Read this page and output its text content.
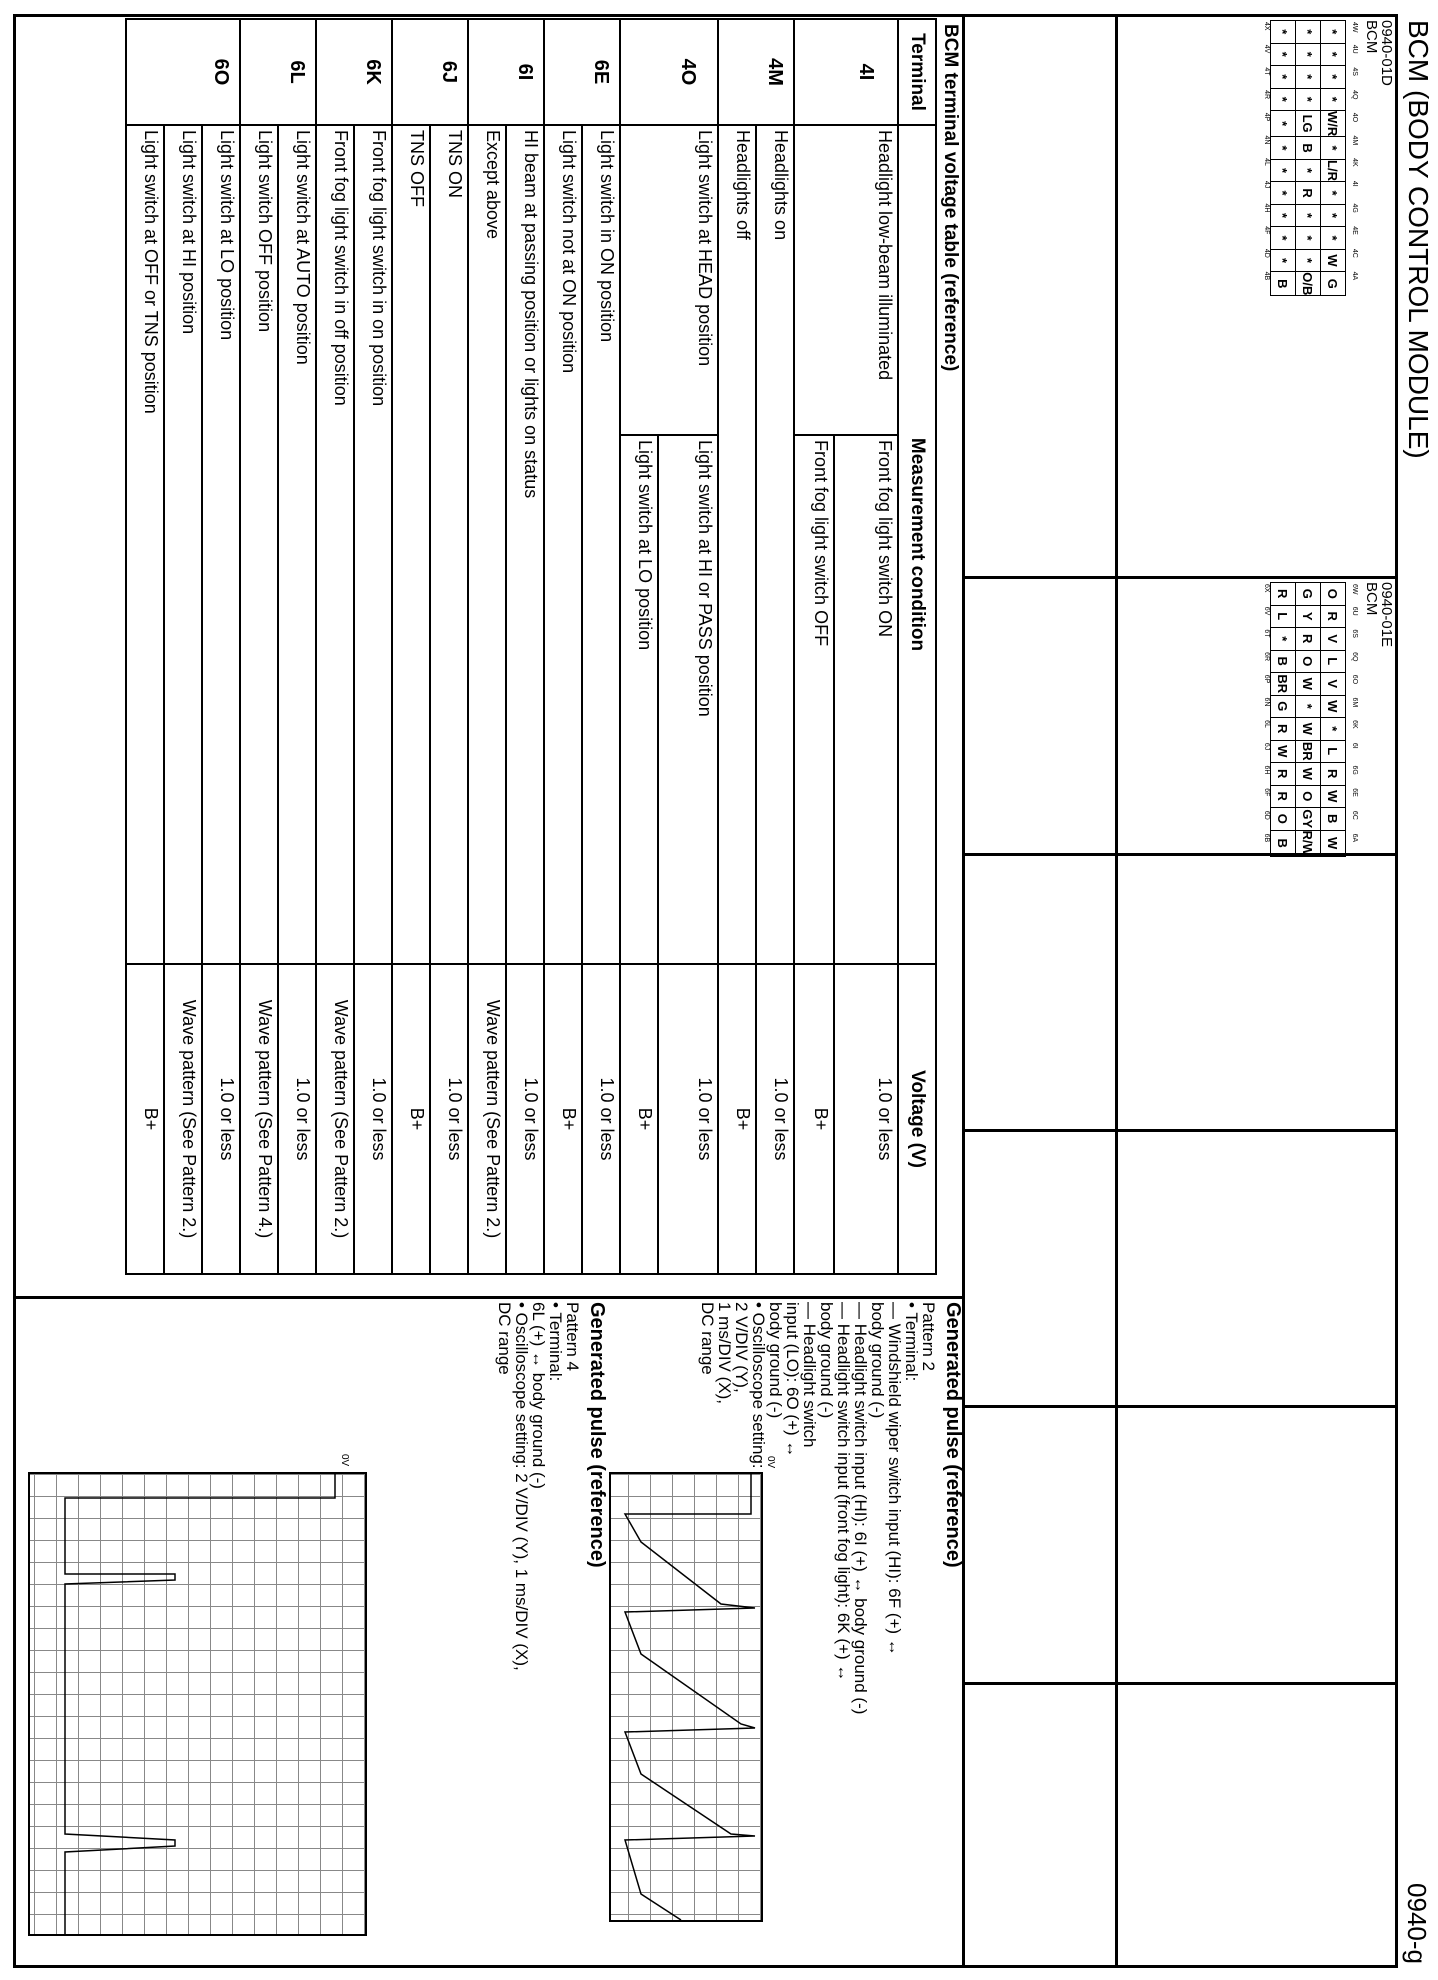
BCM (BODY CONTROL MODULE)
0940-g
0940-01D
BCM
4W
4U
4S
4Q
4O
4M
4K
4I
4G
4E
4C
4A
*	*	*	*	W/R	*	L/R	*	*	*	W	G
*	*	*	*	LG	B	*	R	*	*	*	O/B
*	*	*	*	*	*	*	*	*	*	*	B
4X
4V
4T
4R
4P
4N
4L
4J
4H
4F
4D
4B
0940-01E
BCM
6W
6U
6S
6Q
6O
6M
6K
6I
6G
6E
6C
6A
O	R	V	L	V	W	*	L	R	W	B	W
G	Y	R	O	W	*	W	BR	W	O	GY	R/W
R	L	*	B	BR	G	R	W	R	R	O	B
6X
6V
6T
6R
6P
6N
6L
6J
6H
6F
6D
6B
BCM terminal voltage table (reference)
Terminal	Measurement condition		Voltage (V)
4I	Headlight low-beam illuminated	Front fog light switch ON	1.0 or less
		Front fog light switch OFF	B+
4M	Headlights on		1.0 or less
	Headlights off		B+
4O	Light switch at HEAD position	Light switch at HI or PASS position	1.0 or less
		Light switch at LO position	B+
6E	Light switch in ON position		1.0 or less
	Light switch not at ON position		B+
6I	HI beam at passing position or lights on status		1.0 or less
	Except above		Wave pattern (See Pattern 2.)
6J	TNS ON		1.0 or less
	TNS OFF		B+
6K	Front fog light switch in on position		1.0 or less
	Front fog light switch in off position		Wave pattern (See Pattern 2.)
6L	Light switch at AUTO position		1.0 or less
	Light switch OFF position		Wave pattern (See Pattern 4.)
6O	Light switch at LO position		1.0 or less
	Light switch at HI position		Wave pattern (See Pattern 2.)
	Light switch at OFF or TNS position		B+
Generated pulse (reference)
Pattern 2
• Terminal:
— Windshield wiper switch input (HI): 6F (+) ↔
body ground (-)
— Headlight switch input (HI): 6I (+) ↔ body ground (-)
— Headlight switch input (front fog light): 6K (+) ↔
body ground (-)
— Headlight switch
input (LO): 6O (+) ↔
body ground (-)
• Oscilloscope setting:
2 V/DIV (Y),
1 ms/DIV (X),
DC range
0V
Generated pulse (reference)
Pattern 4
• Terminal:
6L (+) ↔ body ground (-)
• Oscilloscope setting: 2 V/DIV (Y), 1 ms/DIV (X),
DC range
0V
